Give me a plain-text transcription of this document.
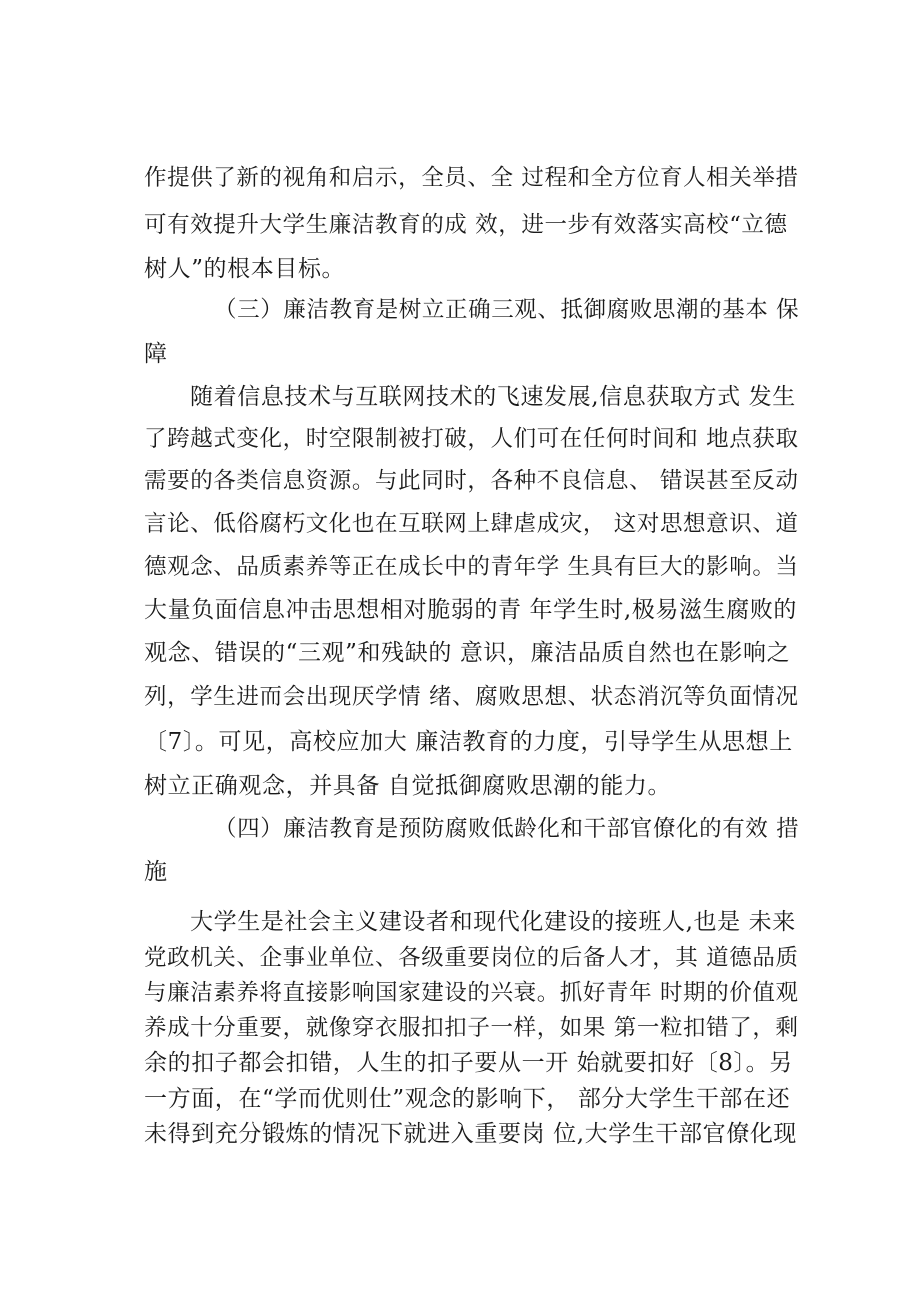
作提供了新的视角和启示，全员、全 过程和全方位育人相关举措

可有效提升大学生廉洁教育的成 效，进一步有效落实高校“立德

树人”的根本目标。

（三）廉洁教育是树立正确三观、抵御腐败思潮的基本 保

障

随着信息技术与互联网技术的飞速发展,信息获取方式 发生

了跨越式变化，时空限制被打破，人们可在任何时间和 地点获取

需要的各类信息资源。与此同时，各种不良信息、 错误甚至反动

言论、低俗腐朽文化也在互联网上肆虐成灾， 这对思想意识、道

德观念、品质素养等正在成长中的青年学 生具有巨大的影响。当

大量负面信息冲击思想相对脆弱的青 年学生时,极易滋生腐败的

观念、错误的“三观”和残缺的 意识，廉洁品质自然也在影响之

列，学生进而会出现厌学情 绪、腐败思想、状态消沉等负面情况

〔7〕。可见，高校应加大 廉洁教育的力度，引导学生从思想上

树立正确观念，并具备 自觉抵御腐败思潮的能力。

（四）廉洁教育是预防腐败低龄化和干部官僚化的有效 措

施

大学生是社会主义建设者和现代化建设的接班人,也是 未来

党政机关、企事业单位、各级重要岗位的后备人才，其 道德品质

与廉洁素养将直接影响国家建设的兴衰。抓好青年 时期的价值观

养成十分重要，就像穿衣服扣扣子一样，如果 第一粒扣错了，剩

余的扣子都会扣错，人生的扣子要从一开 始就要扣好〔8〕。另

一方面，在“学而优则仕”观念的影响下， 部分大学生干部在还

未得到充分锻炼的情况下就进入重要岗 位,大学生干部官僚化现
